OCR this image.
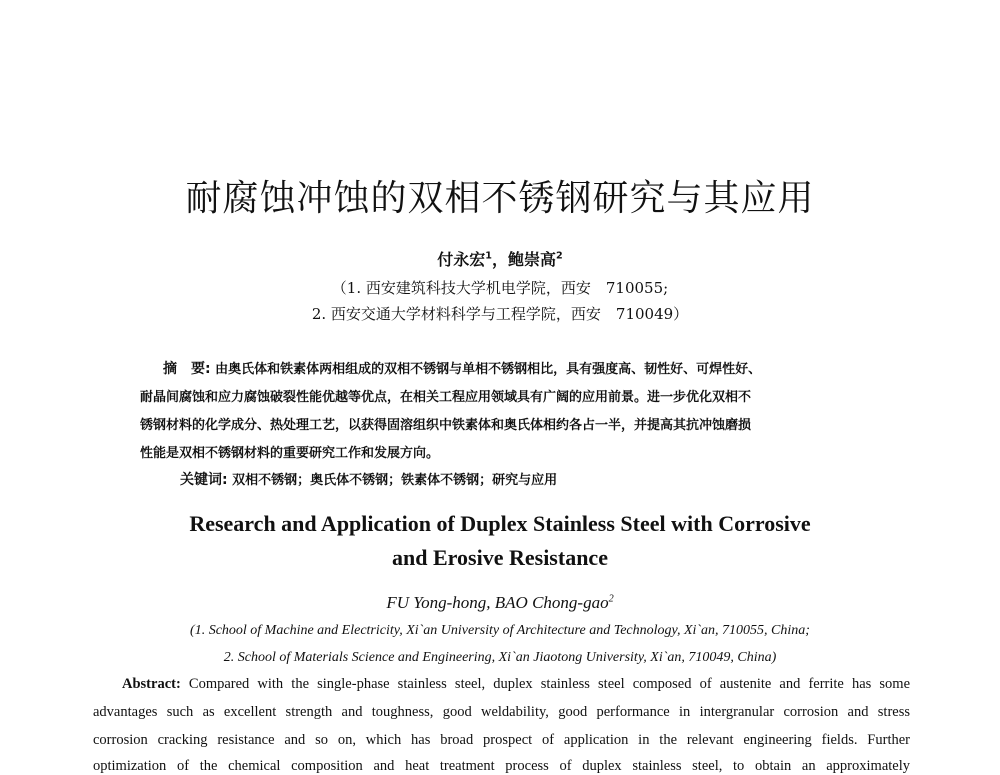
耐腐蚀冲蚀的双相不锈钢研究与其应用
付永宏$^1$，鲍崇高$^2$
（1. 西安建筑科技大学机电学院，西安　710055;
2. 西安交通大学材料科学与工程学院，西安　710049）
摘　要: 由奥氏体和铁素体两相组成的双相不锈钢与单相不锈钢相比，具有强度高、韧性好、可焊性好、
耐晶间腐蚀和应力腐蚀破裂性能优越等优点，在相关工程应用领域具有广阔的应用前景。进一步优化双相不
锈钢材料的化学成分、热处理工艺，以获得固溶组织中铁素体和奥氏体相约各占一半，并提高其抗冲蚀磨损
性能是双相不锈钢材料的重要研究工作和发展方向。
关键词: 双相不锈钢；奥氏体不锈钢；铁素体不锈钢；研究与应用
Research and Application of Duplex Stainless Steel with Corrosive
and Erosive Resistance
FU Yong-hong, BAO Chong-gao$^2$
(1. School of Machine and Electricity, Xi`an University of Architecture and Technology, Xi`an, 710055, China;
2. School of Materials Science and Engineering, Xi`an Jiaotong University, Xi`an, 710049, China)
Abstract: Compared with the single-phase stainless steel, duplex stainless steel composed of austenite and ferrite has some
advantages such as excellent strength and toughness, good weldability, good performance in intergranular corrosion and stress
corrosion cracking resistance and so on, which has broad prospect of application in the relevant engineering fields. Further
optimization of the chemical composition and heat treatment process of duplex stainless steel, to obtain an approximately
